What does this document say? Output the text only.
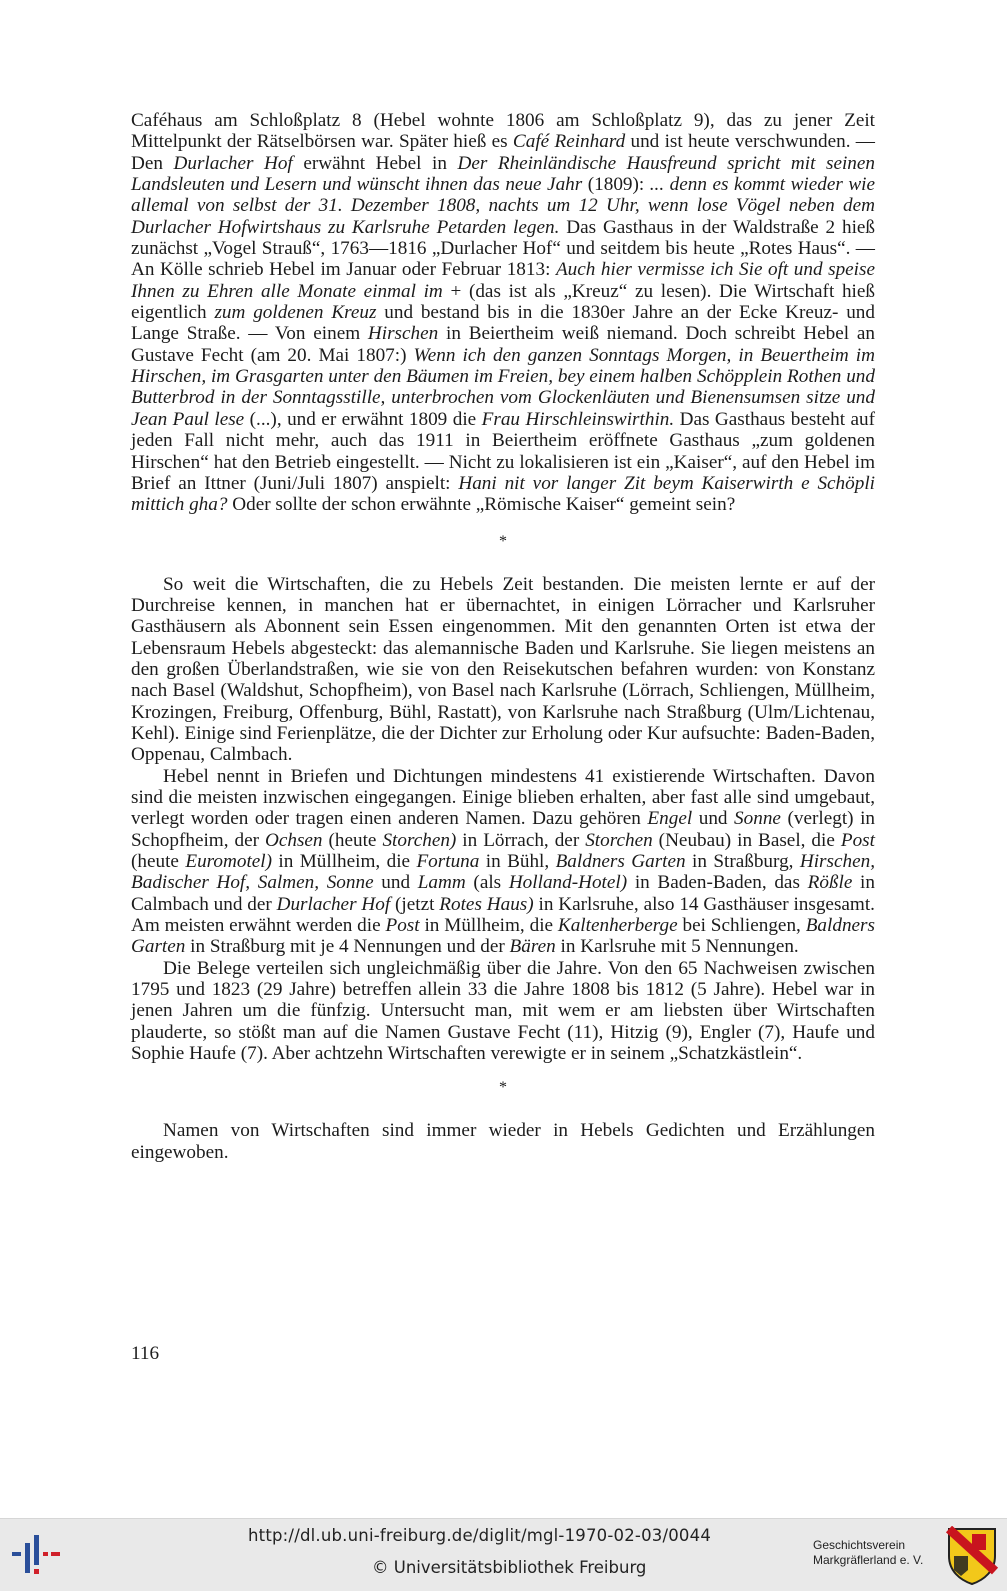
Caféhaus am Schloßplatz 8 (Hebel wohnte 1806 am Schloßplatz 9), das zu jener Zeit Mittelpunkt der Rätselbörsen war. Später hieß es Café Reinhard und ist heute verschwunden. — Den Durlacher Hof erwähnt Hebel in Der Rheinländische Hausfreund spricht mit seinen Landsleuten und Lesern und wünscht ihnen das neue Jahr (1809): ... denn es kommt wieder wie allemal von selbst der 31. Dezember 1808, nachts um 12 Uhr, wenn lose Vögel neben dem Durlacher Hofwirtshaus zu Karlsruhe Petarden legen. Das Gasthaus in der Waldstraße 2 hieß zunächst „Vogel Strauß“, 1763—1816 „Durlacher Hof“ und seitdem bis heute „Rotes Haus“. — An Kölle schrieb Hebel im Januar oder Februar 1813: Auch hier vermisse ich Sie oft und speise Ihnen zu Ehren alle Monate einmal im + (das ist als „Kreuz“ zu lesen). Die Wirtschaft hieß eigentlich zum goldenen Kreuz und bestand bis in die 1830er Jahre an der Ecke Kreuz- und Lange Straße. — Von einem Hirschen in Beiertheim weiß niemand. Doch schreibt Hebel an Gustave Fecht (am 20. Mai 1807:) Wenn ich den ganzen Sonntags Morgen, in Beuertheim im Hirschen, im Grasgarten unter den Bäumen im Freien, bey einem halben Schöpplein Rothen und Butterbrod in der Sonntagsstille, unterbrochen vom Glockenläuten und Bienensumsen sitze und Jean Paul lese (...), und er erwähnt 1809 die Frau Hirschleinswirthin. Das Gasthaus besteht auf jeden Fall nicht mehr, auch das 1911 in Beiertheim eröffnete Gasthaus „zum goldenen Hirschen“ hat den Betrieb eingestellt. — Nicht zu lokalisieren ist ein „Kaiser“, auf den Hebel im Brief an Ittner (Juni/Juli 1807) anspielt: Hani nit vor langer Zit beym Kaiserwirth e Schöpli mittich gha? Oder sollte der schon erwähnte „Römische Kaiser“ gemeint sein?

*

So weit die Wirtschaften, die zu Hebels Zeit bestanden. Die meisten lernte er auf der Durchreise kennen, in manchen hat er übernachtet, in einigen Lörracher und Karlsruher Gasthäusern als Abonnent sein Essen eingenommen. Mit den genannten Orten ist etwa der Lebensraum Hebels abgesteckt: das alemannische Baden und Karlsruhe. Sie liegen meistens an den großen Überlandstraßen, wie sie von den Reisekutschen befahren wurden: von Konstanz nach Basel (Waldshut, Schopfheim), von Basel nach Karlsruhe (Lörrach, Schliengen, Müllheim, Krozingen, Freiburg, Offenburg, Bühl, Rastatt), von Karlsruhe nach Straßburg (Ulm/Lichtenau, Kehl). Einige sind Ferienplätze, die der Dichter zur Erholung oder Kur aufsuchte: Baden-Baden, Oppenau, Calmbach.

Hebel nennt in Briefen und Dichtungen mindestens 41 existierende Wirtschaften. Davon sind die meisten inzwischen eingegangen. Einige blieben erhalten, aber fast alle sind umgebaut, verlegt worden oder tragen einen anderen Namen. Dazu gehören Engel und Sonne (verlegt) in Schopfheim, der Ochsen (heute Storchen) in Lörrach, der Storchen (Neubau) in Basel, die Post (heute Euromotel) in Müllheim, die Fortuna in Bühl, Baldners Garten in Straßburg, Hirschen, Badischer Hof, Salmen, Sonne und Lamm (als Holland-Hotel) in Baden-Baden, das Rößle in Calmbach und der Durlacher Hof (jetzt Rotes Haus) in Karlsruhe, also 14 Gasthäuser insgesamt. Am meisten erwähnt werden die Post in Müllheim, die Kaltenherberge bei Schliengen, Baldners Garten in Straßburg mit je 4 Nennungen und der Bären in Karlsruhe mit 5 Nennungen.

Die Belege verteilen sich ungleichmäßig über die Jahre. Von den 65 Nachweisen zwischen 1795 und 1823 (29 Jahre) betreffen allein 33 die Jahre 1808 bis 1812 (5 Jahre). Hebel war in jenen Jahren um die fünfzig. Untersucht man, mit wem er am liebsten über Wirtschaften plauderte, so stößt man auf die Namen Gustave Fecht (11), Hitzig (9), Engler (7), Haufe und Sophie Haufe (7). Aber achtzehn Wirtschaften verewigte er in seinem „Schatzkästlein“.

*

Namen von Wirtschaften sind immer wieder in Hebels Gedichten und Erzählungen eingewoben.

116
http://dl.ub.uni-freiburg.de/diglit/mgl-1970-02-03/0044
© Universitätsbibliothek Freiburg
Geschichtsverein
Markgräflerland e. V.
